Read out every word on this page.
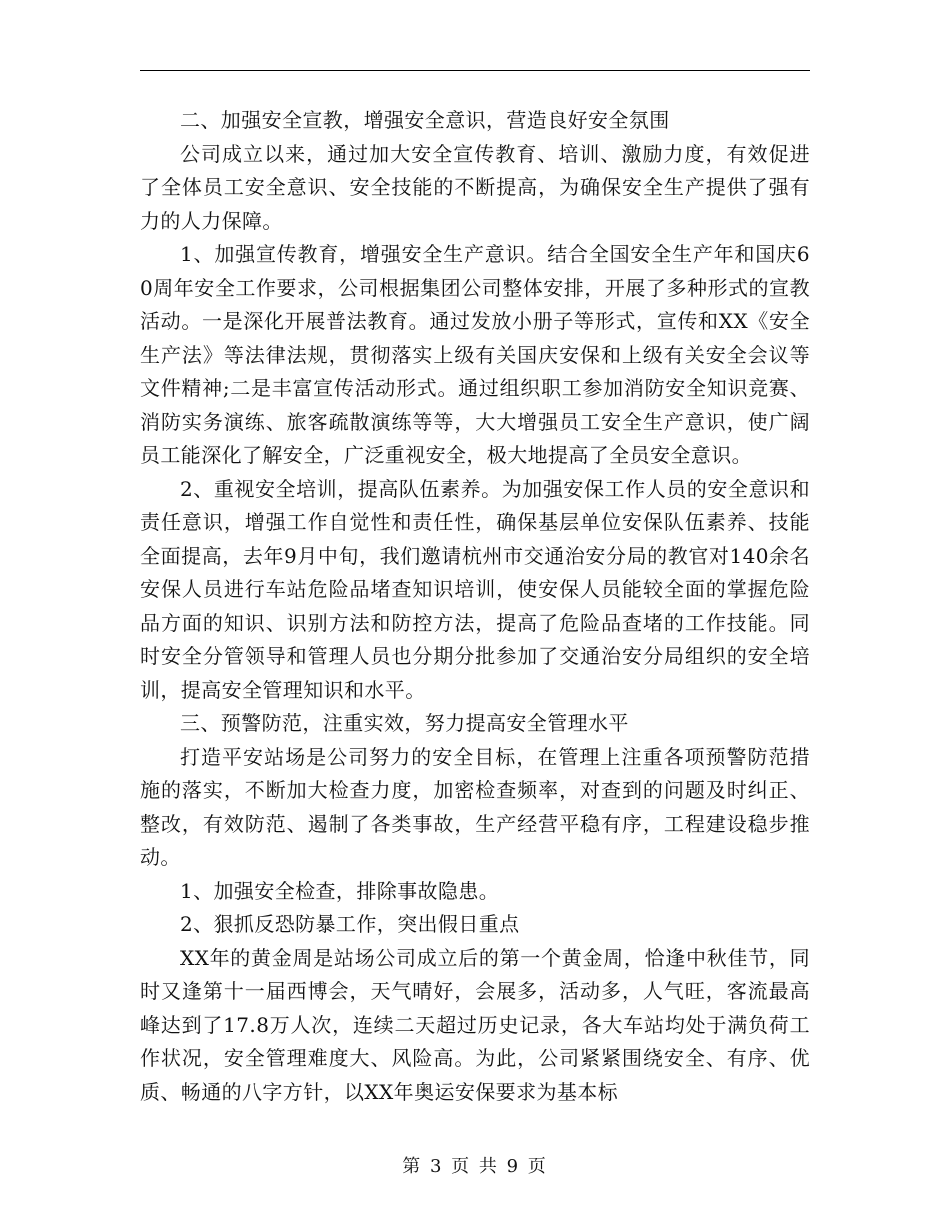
二、加强安全宣教，增强安全意识，营造良好安全氛围

公司成立以来，通过加大安全宣传教育、培训、激励力度，有效促进了全体员工安全意识、安全技能的不断提高，为确保安全生产提供了强有力的人力保障。

1、加强宣传教育，增强安全生产意识。结合全国安全生产年和国庆60周年安全工作要求，公司根据集团公司整体安排，开展了多种形式的宣教活动。一是深化开展普法教育。通过发放小册子等形式，宣传和XX《安全生产法》等法律法规，贯彻落实上级有关国庆安保和上级有关安全会议等文件精神;二是丰富宣传活动形式。通过组织职工参加消防安全知识竞赛、消防实务演练、旅客疏散演练等等，大大增强员工安全生产意识，使广阔员工能深化了解安全，广泛重视安全，极大地提高了全员安全意识。

2、重视安全培训，提高队伍素养。为加强安保工作人员的安全意识和责任意识，增强工作自觉性和责任性，确保基层单位安保队伍素养、技能全面提高，去年9月中旬，我们邀请杭州市交通治安分局的教官对140余名安保人员进行车站危险品堵查知识培训，使安保人员能较全面的掌握危险品方面的知识、识别方法和防控方法，提高了危险品查堵的工作技能。同时安全分管领导和管理人员也分期分批参加了交通治安分局组织的安全培训，提高安全管理知识和水平。

三、预警防范，注重实效，努力提高安全管理水平

打造平安站场是公司努力的安全目标，在管理上注重各项预警防范措施的落实，不断加大检查力度，加密检查频率，对查到的问题及时纠正、整改，有效防范、遏制了各类事故，生产经营平稳有序，工程建设稳步推动。

1、加强安全检查，排除事故隐患。

2、狠抓反恐防暴工作，突出假日重点

XX年的黄金周是站场公司成立后的第一个黄金周，恰逢中秋佳节，同时又逢第十一届西博会，天气晴好，会展多，活动多，人气旺，客流最高峰达到了17.8万人次，连续二天超过历史记录，各大车站均处于满负荷工作状况，安全管理难度大、风险高。为此，公司紧紧围绕安全、有序、优质、畅通的八字方针，以XX年奥运安保要求为基本标

第 3 页 共 9 页
